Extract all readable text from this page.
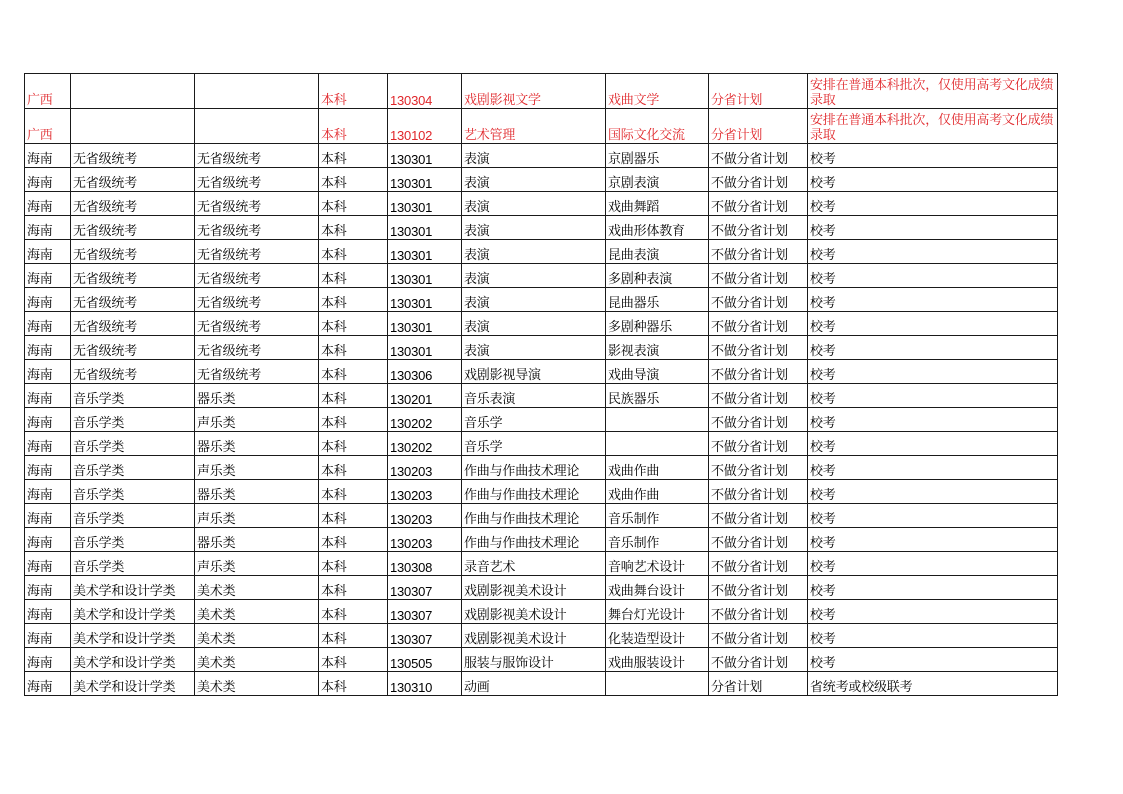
广西			本科	130304	戏剧影视文学	戏曲文学	分省计划	安排在普通本科批次，仅使用高考文化成绩录取
广西			本科	130102	艺术管理	国际文化交流	分省计划	安排在普通本科批次，仅使用高考文化成绩录取
海南	无省级统考	无省级统考	本科	130301	表演	京剧器乐	不做分省计划	校考
海南	无省级统考	无省级统考	本科	130301	表演	京剧表演	不做分省计划	校考
海南	无省级统考	无省级统考	本科	130301	表演	戏曲舞蹈	不做分省计划	校考
海南	无省级统考	无省级统考	本科	130301	表演	戏曲形体教育	不做分省计划	校考
海南	无省级统考	无省级统考	本科	130301	表演	昆曲表演	不做分省计划	校考
海南	无省级统考	无省级统考	本科	130301	表演	多剧种表演	不做分省计划	校考
海南	无省级统考	无省级统考	本科	130301	表演	昆曲器乐	不做分省计划	校考
海南	无省级统考	无省级统考	本科	130301	表演	多剧种器乐	不做分省计划	校考
海南	无省级统考	无省级统考	本科	130301	表演	影视表演	不做分省计划	校考
海南	无省级统考	无省级统考	本科	130306	戏剧影视导演	戏曲导演	不做分省计划	校考
海南	音乐学类	器乐类	本科	130201	音乐表演	民族器乐	不做分省计划	校考
海南	音乐学类	声乐类	本科	130202	音乐学		不做分省计划	校考
海南	音乐学类	器乐类	本科	130202	音乐学		不做分省计划	校考
海南	音乐学类	声乐类	本科	130203	作曲与作曲技术理论	戏曲作曲	不做分省计划	校考
海南	音乐学类	器乐类	本科	130203	作曲与作曲技术理论	戏曲作曲	不做分省计划	校考
海南	音乐学类	声乐类	本科	130203	作曲与作曲技术理论	音乐制作	不做分省计划	校考
海南	音乐学类	器乐类	本科	130203	作曲与作曲技术理论	音乐制作	不做分省计划	校考
海南	音乐学类	声乐类	本科	130308	录音艺术	音响艺术设计	不做分省计划	校考
海南	美术学和设计学类	美术类	本科	130307	戏剧影视美术设计	戏曲舞台设计	不做分省计划	校考
海南	美术学和设计学类	美术类	本科	130307	戏剧影视美术设计	舞台灯光设计	不做分省计划	校考
海南	美术学和设计学类	美术类	本科	130307	戏剧影视美术设计	化装造型设计	不做分省计划	校考
海南	美术学和设计学类	美术类	本科	130505	服装与服饰设计	戏曲服装设计	不做分省计划	校考
海南	美术学和设计学类	美术类	本科	130310	动画		分省计划	省统考或校级联考
